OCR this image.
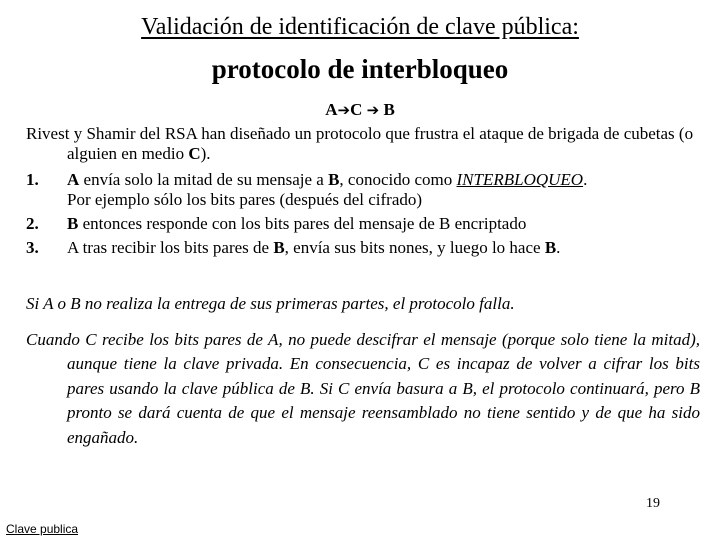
Validación de identificación de clave pública:
protocolo de interbloqueo
A➔C ➔ B
Rivest y Shamir del RSA han diseñado un protocolo que frustra el ataque de brigada de cubetas (o alguien en medio C).
1.	A envía solo la mitad de su mensaje a B, conocido como INTERBLOQUEO.
Por ejemplo sólo los bits pares (después del cifrado)
2.	B entonces responde con los bits pares del mensaje de B encriptado
3.	A tras recibir los bits pares de B, envía sus bits nones, y luego lo hace B.
Si A o B no realiza la entrega de sus primeras partes, el protocolo falla.
Cuando C recibe los bits pares de A, no puede descifrar el mensaje (porque solo tiene la mitad), aunque tiene la clave privada. En consecuencia, C es incapaz de volver a cifrar los bits pares usando la clave pública de B. Si C envía basura a B, el protocolo continuará, pero B pronto se dará cuenta de que el mensaje reensamblado no tiene sentido y de que ha sido engañado.
19
Clave publica
